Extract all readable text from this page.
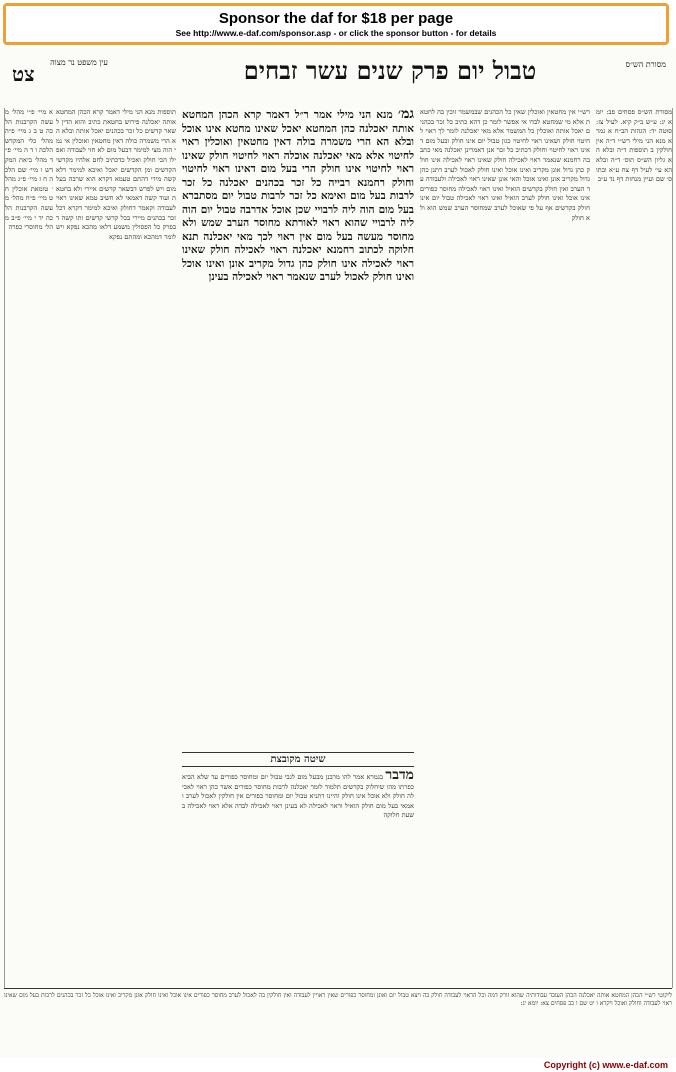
Sponsor the daf for $18 per page
See http://www.e-daf.com/sponsor.asp - or click the sponsor button - for details
צט	עין משפט נר מצוה	טבול יום פרק שנים עשר זבחים	מסורת הש״ס
א מיי׳ פ״י מהל׳ מעשה הקרבנות הלכה ט ב ג מיי׳ פ״ה מהל׳ כלי המקדש הלכה ו ד ה מיי׳ פ״ד מהל׳ ביאת המקדש ו מיי׳ שם הלכה ח ז מיי׳ פ״ג מהל׳ טומאת אוכלין ח ט מיי׳ פ״ח מהל׳ מעשה הקרבנות הלכה יד י מיי׳ פ״ב מהל׳ מחוסרי כפרה
תוספות מנא הני מילי דאמר קרא הכהן המחטא אותה יאכלנה פירוש בחטאת כתיב והוא הדין לשאר קדשים כל זכר בכהנים יאכל אותה ובלא הא הרי משמרה כולה דאין מחטאין ואוכלין אי נמי הוה מצי למימר דבעל מום לא חזי לעבודה ואפילו הכי חולק ואכיל כדכתיב לחם אלהיו מקדשי הקדשים ומן הקדשים יאכל ואיכא למימר דלא קשה מידי דהתם טעמא דקרא הוא שרבה בעל מום ויש לפרש דבשאר קדשים איירי ולא בחטאת ועוד קשה דאמאי לא חשיב טמא שאינו ראוי לעבודה וקאמר דחולק ואיכא למימר דקרא דכל זכר בכהנים מיירי בכל קדשי קדשים ותו קשה דבפרק כל הפסולין משמע דלאו מהכא נפקא ויש לומר דמהכא ומהתם נפקא
גמ׳ מנא הני מילי אמר ר״ל דאמר קרא הכהן המחטא אותה יאכלנה כהן המחטא יאכל שאינו מחטא אינו אוכל ובלא הא הרי משמרה בולה דאין מחטאין ואוכלין ראוי לחיטוי אלא מאי יאכלנה אוכלה ראוי לחיטוי חולק שאינו ראוי לחיטוי אינו חולק הרי בעל מום דאינו ראוי לחיטוי וחולק רחמנא רבייה כל זכר בכהנים יאכלנה כל זכר לרבות בעל מום ואימא כל זכר לרבות טבול יום מסתברא בעל מום הוה ליה לרבויי שכן אוכל אדרבה טבול יום הוה ליה לרבויי שהוא ראוי לאורתא מחוסר הערב שמש ולא מחוסר מעשה בעל מום אין ראוי לכך מאי יאכלנה תנא חלוקה לכתוב רחמנא יאכלנה ראוי לאכילה חולק שאינו ראוי לאכילה אינו חולק כהן גדול מקריב אונן ואינו אוכל ואינו חולק לאכול לערב שנאמר ראוי לאכילה בעינן
שיטה מקובצת
מדבר בגמרא אמר להו מרבנן מבעל מום לגבי טבול יום ומחוסר כפורים עד שלא הביא כפרתו מהו שיחלוק בקדשים תלמוד לומר יאכלנה לרבות מחוסר כפורים אשר כהן ראוי לאכילה חולק ולא אוכל אינו חולק והיינו דתניא טבול יום ומחוסר כפורים אין חולקין לאכול לערב ואמאי בעל מום חולק הואיל וראוי לאכילה לא בעינן ראוי לאכילה לבדה אלא ראוי לאכילה בשעת חלוקה
רש״י אין מחטאין ואוכלין שאין כל הכהנים שבמשמר זוכין בה לחטאת אלא מי שמחטא לבדו אי אפשר לומר כן דהא כתיב כל זכר בכהנים יאכל אותה ואוכלין כל המשמר אלא מאי יאכלנה לומר לך ראוי לחיטוי חולק ושאינו ראוי לחיטוי כגון טבול יום אינו חולק ובעל מום דאינו ראוי לחיטוי וחולק דכתיב כל זכר אנן דאמרינן יאכלנה מאי כתב בה רחמנא שנאמר ראוי לאכילה חולק שאינו ראוי לאכילה אינו חולק כהן גדול אונן מקריב ואינו אוכל ואינו חולק לאכול לערב דתנן כהן גדול מקריב אונן ואינו אוכל והאי אונן שאינו ראוי לאכילה ולעבודה עד הערב ואין חולק בקדשים הואיל ואינו ראוי לאכילה מחוסר כפורים אינו אוכל ואינו חולק לערב הואיל ואינו ראוי לאכילה טבול יום אינו חולק בקדשים אף על פי שאוכל לערב שמחוסר הערב שמש הוא ולא חולק
מסורת הש״ס פסחים פב: יומא יג: ע״ש ב״ק קיא. לעיל צז: סוטה יד: הגהות הב״ח א גמרא מנא הני מילי רש״י ד״ה אין חולקין ב תוספות ד״ה ובלא הא גליון הש״ס תוס׳ ד״ה ובלא הא עי׳ לעיל דף צח ע״א ובתוס׳ שם ועיין מנחות דף נד ע״ב
ליקוטי רש״י הכהן המחטא אותה יאכלנה הכהן העובד עבודותיה שהוא זורק דמה וכל הראוי לעבודה חולק בה ויצא טבול יום ואונן ומחוסר כפורים שאין ראויין לעבודה ואין חולקין בה לאכול לערב מחוסר כפורים אינו אוכל ואינו חולק אונן מקריב ואינו אוכל כל זכר בכהנים לרבות בעל מום שאינו ראוי לעבודה וחולק ואוכל ויקרא ו יט שם ו כב פסחים צא: יומא יג:
Copyright (c) www.e-daf.com
